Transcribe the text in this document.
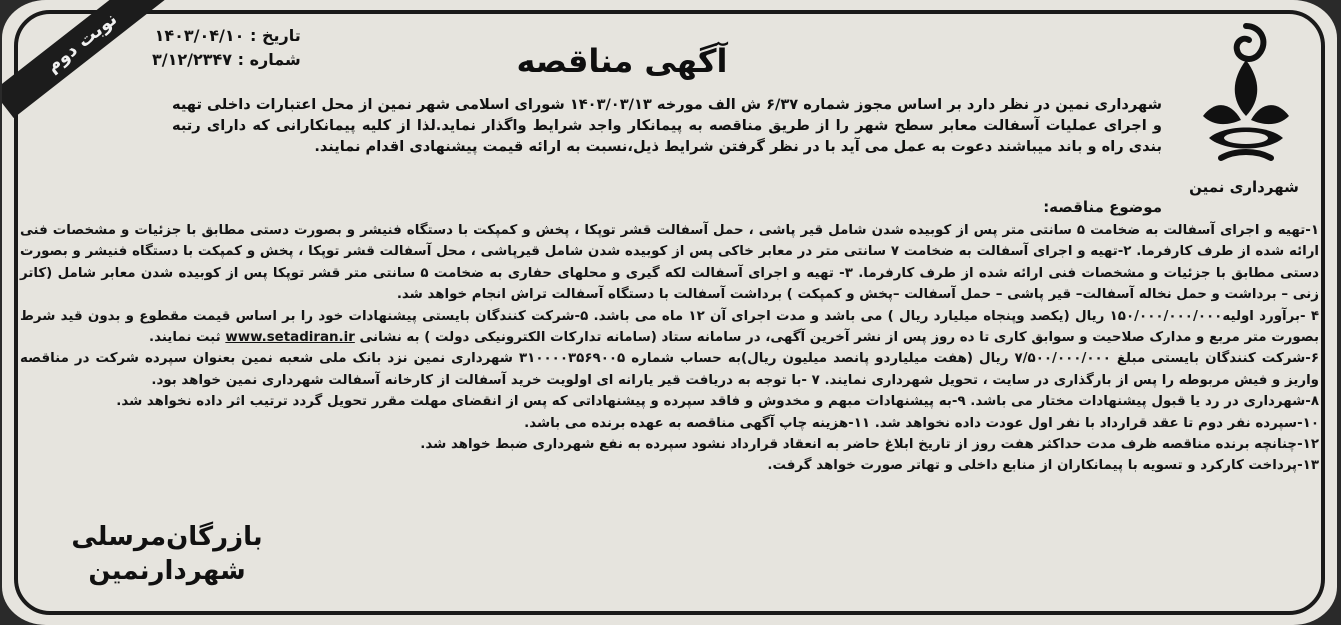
نوبت دوم	تاریخ : ۱۴۰۳/۰۴/۱۰
شماره : ۳/۱۲/۲۳۴۷	آگهی مناقصه
شهرداری نمین
شهرداری نمین در نظر دارد بر اساس مجوز شماره ۶/۳۷ ش الف مورخه ۱۴۰۳/۰۳/۱۳ شورای اسلامی شهر نمین از محل اعتبارات داخلی تهیه و اجرای عملیات آسفالت معابر سطح شهر را از طریق مناقصه به پیمانکار واجد شرایط واگذار نماید.لذا از کلیه پیمانکارانی که دارای رتبه بندی راه و باند میباشند دعوت به عمل می آید با در نظر گرفتن شرایط ذیل،نسبت به ارائه قیمت پیشنهادی اقدام نمایند.
موضوع مناقصه:

۱-تهیه و اجرای آسفالت به ضخامت ۵ سانتی متر پس از کوبیده شدن شامل قیر پاشی ، حمل آسفالت قشر توپکا ، پخش و کمپکت با دستگاه فنیشر و بصورت دستی مطابق با جزئیات و مشخصات فنی ارائه شده از طرف کارفرما. ۲-تهیه و اجرای آسفالت به ضخامت ۷ سانتی متر در معابر خاکی پس از کوبیده شدن شامل قیرپاشی ، محل آسفالت قشر توپکا ، پخش و کمپکت با دستگاه فنیشر و بصورت دستی مطابق با جزئیات و مشخصات فنی ارائه شده از طرف کارفرما. ۳- تهیه و اجرای آسفالت لکه گیری و محلهای حفاری به ضخامت ۵ سانتی متر قشر توپکا پس از کوبیده شدن معابر شامل (کاتر زنی – برداشت و حمل نخاله آسفالت– قیر پاشی – حمل آسفالت –پخش و کمپکت ) برداشت آسفالت با دستگاه آسفالت تراش انجام خواهد شد.

۴ -برآورد اولیه۱۵۰/۰۰۰/۰۰۰/۰۰۰ ریال (یکصد وپنجاه میلیارد ریال ) می باشد و مدت اجرای آن ۱۲ ماه می باشد. ۵-شرکت کنندگان بایستی پیشنهادات خود را بر اساس قیمت مقطوع و بدون قید شرط بصورت متر مربع و مدارک صلاحیت و سوابق کاری تا ده روز پس از نشر آخرین آگهی، در سامانه ستاد (سامانه تدارکات الکترونیکی دولت ) به نشانی www.setadiran.ir ثبت نمایند.

۶-شرکت کنندگان بایستی مبلغ ۷/۵۰۰/۰۰۰/۰۰۰ ریال (هفت میلیاردو پانصد میلیون ریال)به حساب شماره ۳۱۰۰۰۰۳۵۶۹۰۰۵ شهرداری نمین نزد بانک ملی شعبه نمین بعنوان سپرده شرکت در مناقصه واریز و فیش مربوطه را پس از بارگذاری در سایت ، تحویل شهرداری نمایند. ۷ -با توجه به دریافت قیر یارانه ای اولویت خرید آسفالت از کارخانه آسفالت شهرداری نمین خواهد بود.

۸-شهرداری در رد یا قبول پیشنهادات مختار می باشد. ۹-به پیشنهادات مبهم و مخدوش و فاقد سپرده و پیشنهاداتی که پس از انقضای مهلت مقرر تحویل گردد ترتیب اثر داده نخواهد شد.

۱۰-سپرده نفر دوم تا عقد قرارداد با نفر اول عودت داده نخواهد شد. ۱۱-هزینه چاپ آگهی مناقصه به عهده برنده می باشد.

۱۲-چنانچه برنده مناقصه ظرف مدت حداکثر هفت روز از تاریخ ابلاغ حاضر به انعقاد قرارداد نشود سپرده به نفع شهرداری ضبط خواهد شد.

۱۳-پرداخت کارکرد و تسویه با پیمانکاران از منابع داخلی و تهاتر صورت خواهد گرفت.

بازرگان‌مرسلی
شهردارنمین
